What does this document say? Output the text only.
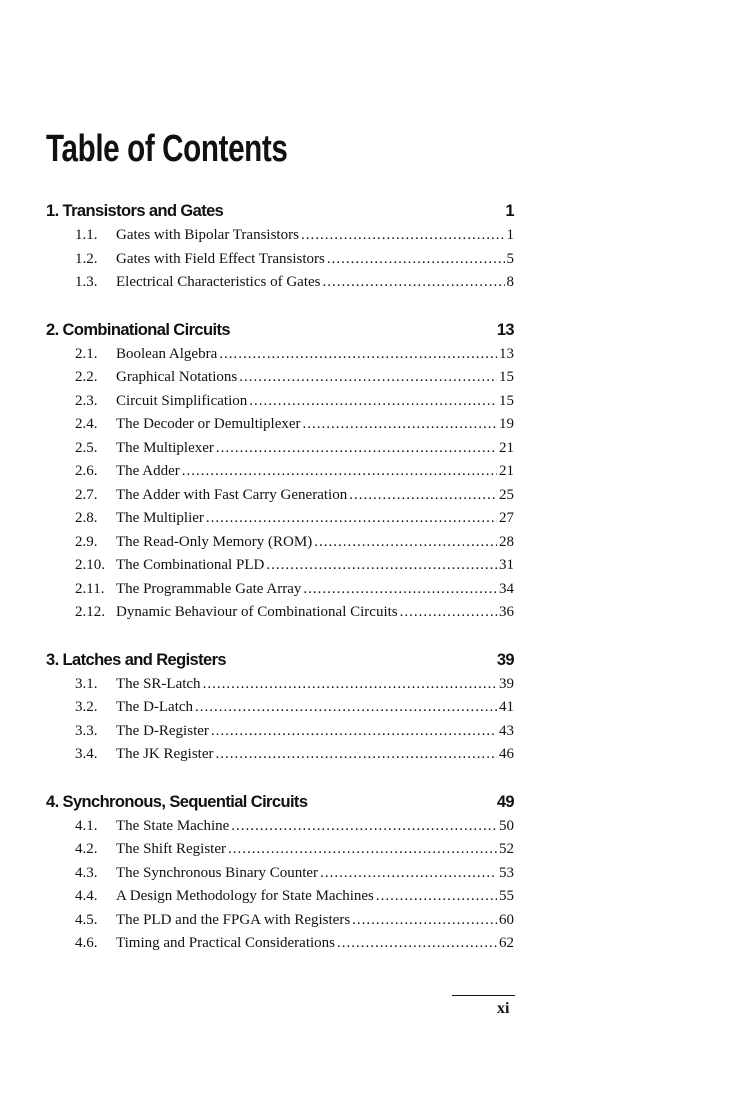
Table of Contents
1. Transistors and Gates	1
1.1.	Gates with Bipolar Transistors .....	1
1.2.	Gates with Field Effect Transistors .....	5
1.3.	Electrical Characteristics of Gates .....	8
2. Combinational Circuits	13
2.1.	Boolean Algebra .....	13
2.2.	Graphical Notations .....	15
2.3.	Circuit Simplification .....	15
2.4.	The Decoder or Demultiplexer .....	19
2.5.	The Multiplexer .....	21
2.6.	The Adder .....	21
2.7.	The Adder with Fast Carry Generation .....	25
2.8.	The Multiplier .....	27
2.9.	The Read-Only Memory (ROM) .....	28
2.10. The Combinational PLD .....	31
2.11. The Programmable Gate Array .....	34
2.12. Dynamic Behaviour of Combinational Circuits .....	36
3. Latches and Registers	39
3.1.	The SR-Latch .....	39
3.2.	The D-Latch .....	41
3.3.	The D-Register .....	43
3.4.	The JK Register .....	46
4. Synchronous, Sequential Circuits	49
4.1.	The State Machine .....	50
4.2.	The Shift Register .....	52
4.3.	The Synchronous Binary Counter .....	53
4.4.	A Design Methodology for State Machines .....	55
4.5.	The PLD and the FPGA with Registers .....	60
4.6.	Timing and Practical Considerations .....	62
xi
